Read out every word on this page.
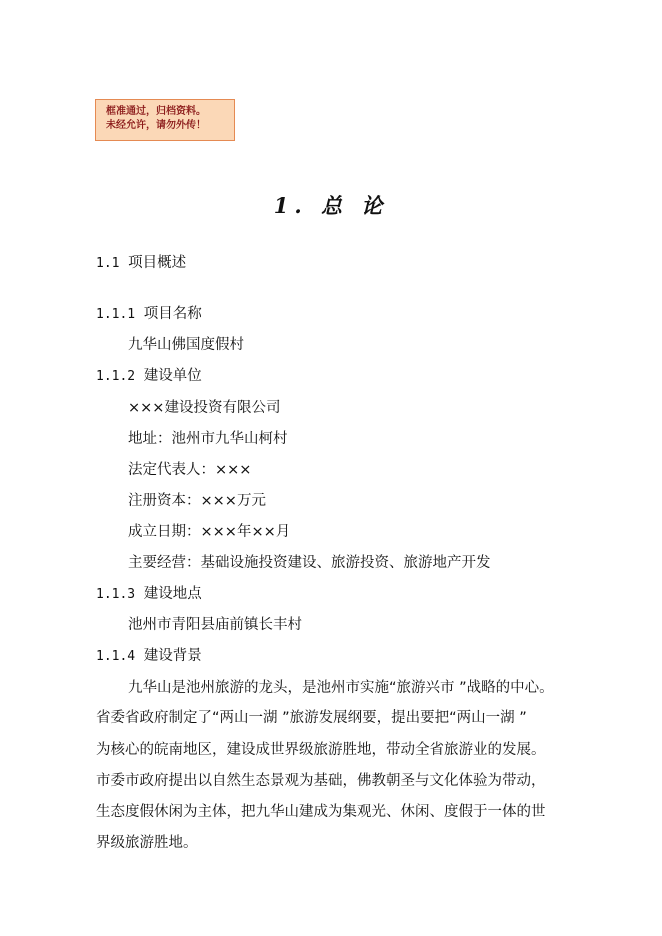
框准通过，归档资料。
未经允许，请勿外传！
1. 总 论
1.1 项目概述
1.1.1 项目名称
九华山佛国度假村
1.1.2 建设单位
×××建设投资有限公司
地址：池州市九华山柯村
法定代表人：×××
注册资本：×××万元
成立日期：×××年××月
主要经营：基础设施投资建设、旅游投资、旅游地产开发
1.1.3 建设地点
池州市青阳县庙前镇长丰村
1.1.4 建设背景
九华山是池州旅游的龙头，是池州市实施“旅游兴市 ”战略的中心。
省委省政府制定了“两山一湖 ”旅游发展纲要，提出要把“两山一湖 ”
为核心的皖南地区，建设成世界级旅游胜地，带动全省旅游业的发展。
市委市政府提出以自然生态景观为基础，佛教朝圣与文化体验为带动，
生态度假休闲为主体，把九华山建成为集观光、休闲、度假于一体的世
界级旅游胜地。
